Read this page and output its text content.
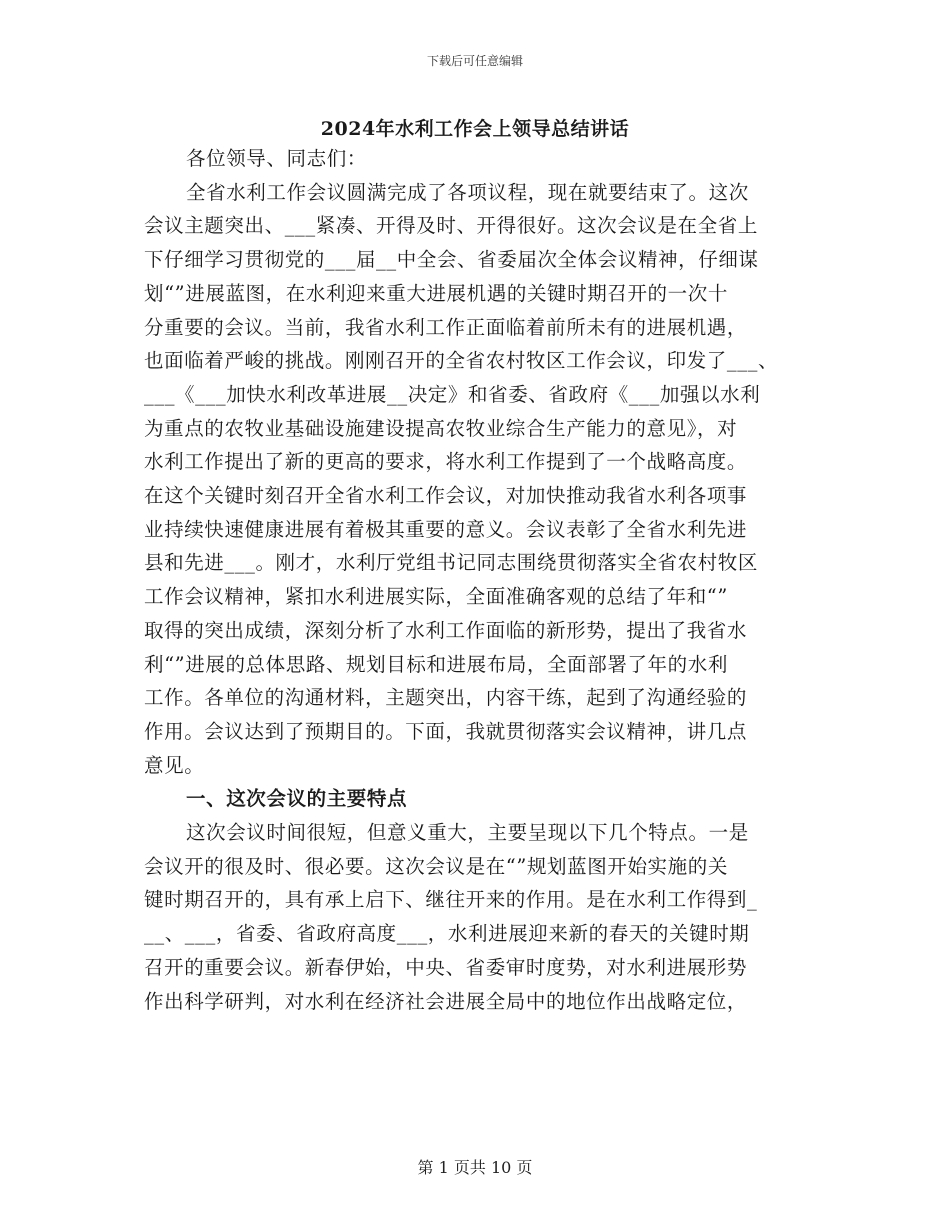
下载后可任意编辑
2024年水利工作会上领导总结讲话
各位领导、同志们：
全省水利工作会议圆满完成了各项议程，现在就要结束了。这次
会议主题突出、___紧凑、开得及时、开得很好。这次会议是在全省上
下仔细学习贯彻党的___届__中全会、省委届次全体会议精神，仔细谋
划“”进展蓝图，在水利迎来重大进展机遇的关键时期召开的一次十
分重要的会议。当前，我省水利工作正面临着前所未有的进展机遇，
也面临着严峻的挑战。刚刚召开的全省农村牧区工作会议，印发了___、
___《___加快水利改革进展__决定》和省委、省政府《___加强以水利
为重点的农牧业基础设施建设提高农牧业综合生产能力的意见》，对
水利工作提出了新的更高的要求，将水利工作提到了一个战略高度。
在这个关键时刻召开全省水利工作会议，对加快推动我省水利各项事
业持续快速健康进展有着极其重要的意义。会议表彰了全省水利先进
县和先进___。刚才，水利厅党组书记同志围绕贯彻落实全省农村牧区
工作会议精神，紧扣水利进展实际，全面准确客观的总结了年和“”
取得的突出成绩，深刻分析了水利工作面临的新形势，提出了我省水
利“”进展的总体思路、规划目标和进展布局，全面部署了年的水利
工作。各单位的沟通材料，主题突出，内容干练，起到了沟通经验的
作用。会议达到了预期目的。下面，我就贯彻落实会议精神，讲几点
意见。
一、这次会议的主要特点
这次会议时间很短，但意义重大，主要呈现以下几个特点。一是
会议开的很及时、很必要。这次会议是在“”规划蓝图开始实施的关
键时期召开的，具有承上启下、继往开来的作用。是在水利工作得到_
__、___，省委、省政府高度___，水利进展迎来新的春天的关键时期
召开的重要会议。新春伊始，中央、省委审时度势，对水利进展形势
作出科学研判，对水利在经济社会进展全局中的地位作出战略定位，
第 1 页共 10 页
